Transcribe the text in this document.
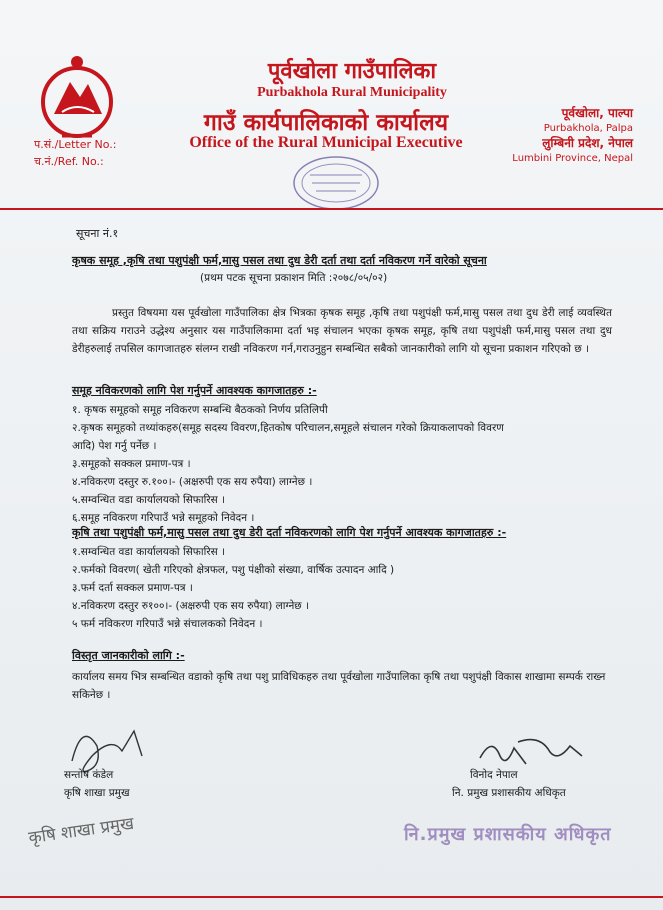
पूर्वखोला गाउँपालिका
Purbakhola Rural Municipality
गाउँ कार्यपालिकाको कार्यालय
Office of the Rural Municipal Executive
प.सं./Letter No.:
च.नं./Ref. No.:
पूर्वखोला, पाल्पा
Purbakhola, Palpa
लुम्बिनी प्रदेश, नेपाल
Lumbini Province, Nepal
सूचना नं.१
कृषक समूह ,कृषि तथा पशुपंक्षी फर्म,मासु पसल तथा दुध डेरी दर्ता तथा दर्ता नविकरण गर्ने वारेको सूचना
(प्रथम पटक सूचना प्रकाशन मिति :२०७८/०५/०२)
प्रस्तुत विषयमा यस पूर्वखोला गाउँपालिका क्षेत्र भित्रका कृषक समूह ,कृषि तथा पशुपंक्षी फर्म,मासु पसल तथा दुध डेरी लाई व्यवस्थित तथा सक्रिय गराउने उद्धेश्य अनुसार यस गाउँपालिकामा दर्ता भइ संचालन भएका कृषक समूह, कृषि तथा पशुपंक्षी फर्म,मासु पसल तथा दुध डेरीहरुलाई तपसिल कागजातहरु संलग्न राखी नविकरण गर्न,गराउनुहुन सम्बन्धित सबैको जानकारीको लागि यो सूचना प्रकाशन गरिएको छ ।
समूह नविकरणको लागि पेश गर्नुपर्ने आवश्यक कागजातहरु :-
१. कृषक समूहको समूह नविकरण सम्बन्धि बैठकको निर्णय प्रतिलिपी
२.कृषक समूहको तथ्यांकहरु(समूह सदस्य विवरण,हितकोष परिचालन,समूहले संचालन गरेको क्रियाकलापको विवरण
आदि) पेश गर्नु पर्नेछ ।
३.समूहको सक्कल प्रमाण-पत्र ।
४.नविकरण दस्तुर रु.१००।- (अक्षरुपी एक सय रुपैया) लाग्नेछ ।
५.सम्वन्धित वडा कार्यालयको सिफारिस ।
६.समूह नविकरण गरिपाउँ भन्ने समूहको निवेदन ।
कृषि तथा पशुपंक्षी फर्म,मासु पसल तथा दुध डेरी दर्ता नविकरणको लागि पेश गर्नुपर्ने आवश्यक कागजातहरु :-
१.सम्वन्धित वडा कार्यालयको सिफारिस ।
२.फर्मको विवरण( खेती गरिएको क्षेत्रफल, पशु पंक्षीको संख्या, वार्षिक उत्पादन आदि )
३.फर्म दर्ता सक्कल प्रमाण-पत्र ।
४.नविकरण दस्तुर रु१००।- (अक्षरुपी एक सय रुपैया) लाग्नेछ ।
५ फर्म नविकरण गरिपाउँ भन्ने संचालकको निवेदन ।
विस्तृत जानकारीको लागि :-
कार्यालय समय भित्र सम्बन्धित वडाको कृषि तथा पशु प्राविधिकहरु तथा पूर्वखोला गाउँपालिका कृषि तथा पशुपंक्षी विकास शाखामा सम्पर्क राख्न सकिनेछ ।
सन्तोष कंडेल
कृषि शाखा प्रमुख
कृषि शाखा प्रमुख
विनोद नेपाल
नि. प्रमुख प्रशासकीय अधिकृत
नि.प्रमुख प्रशासकीय अधिकृत
